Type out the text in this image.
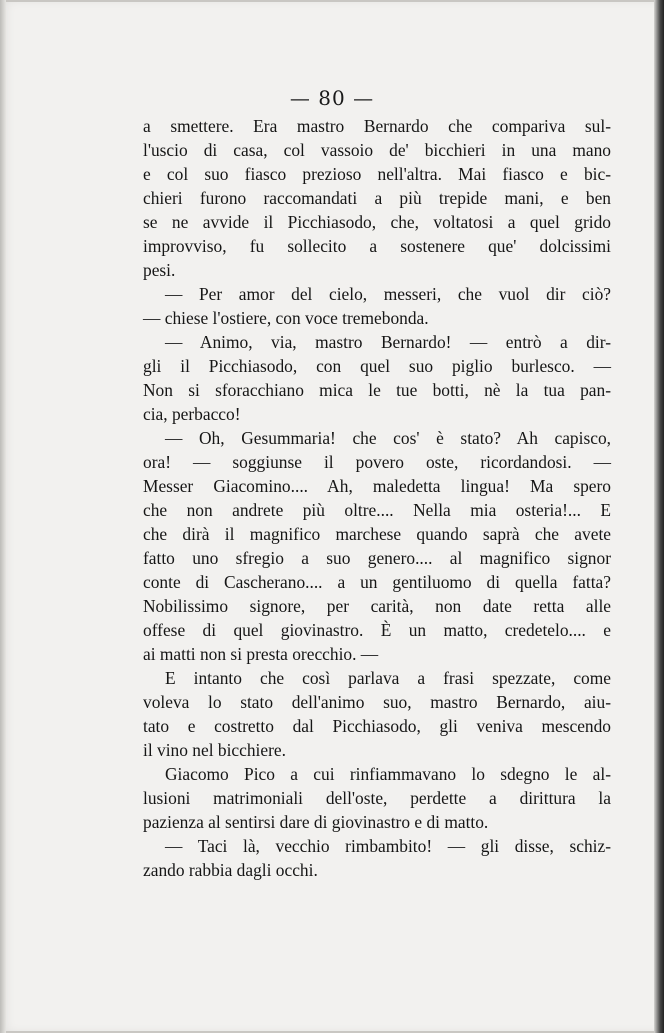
— 80 —
a smettere. Era mastro Bernardo che compariva sul-
l'uscio di casa, col vassoio de' bicchieri in una mano
e col suo fiasco prezioso nell'altra. Mai fiasco e bic-
chieri furono raccomandati a più trepide mani, e ben
se ne avvide il Picchiasodo, che, voltatosi a quel grido
improvviso, fu sollecito a sostenere que' dolcissimi
pesi.
— Per amor del cielo, messeri, che vuol dir ciò?
— chiese l'ostiere, con voce tremebonda.
— Animo, via, mastro Bernardo! — entrò a dir-
gli il Picchiasodo, con quel suo piglio burlesco. —
Non si sforacchiano mica le tue botti, nè la tua pan-
cia, perbacco!
— Oh, Gesummaria! che cos' è stato? Ah capisco,
ora! — soggiunse il povero oste, ricordandosi. —
Messer Giacomino.... Ah, maledetta lingua! Ma spero
che non andrete più oltre.... Nella mia osteria!... E
che dirà il magnifico marchese quando saprà che avete
fatto uno sfregio a suo genero.... al magnifico signor
conte di Cascherano.... a un gentiluomo di quella fatta?
Nobilissimo signore, per carità, non date retta alle
offese di quel giovinastro. È un matto, credetelo.... e
ai matti non si presta orecchio. —
E intanto che così parlava a frasi spezzate, come
voleva lo stato dell'animo suo, mastro Bernardo, aiu-
tato e costretto dal Picchiasodo, gli veniva mescendo
il vino nel bicchiere.
Giacomo Pico a cui rinfiammavano lo sdegno le al-
lusioni matrimoniali dell'oste, perdette a diritturа la
pazienza al sentirsi dare di giovinastro e di matto.
— Taci là, vecchio rimbambito! — gli disse, schiz-
zando rabbia dagli occhi.
